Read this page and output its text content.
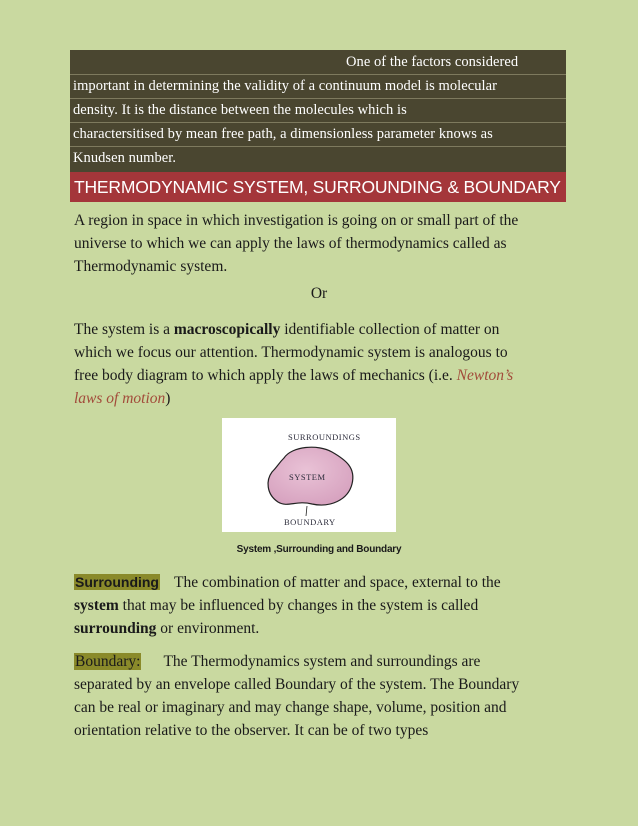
One of the factors considered
important in determining the validity of a continuum model is molecular
density. It is the distance between the molecules which is
charactersitised by mean free path, a dimensionless parameter knows as
Knudsen number.
THERMODYNAMIC SYSTEM, SURROUNDING & BOUNDARY
A region in space in which investigation is going on or small part of the
universe to which we can apply the laws of thermodynamics called as
Thermodynamic system.
Or
The system is a macroscopically identifiable collection of matter on
which we focus our attention. Thermodynamic system is analogous to
free body diagram to which apply the laws of mechanics (i.e. Newton’s
laws of motion)
SURROUNDINGS
SYSTEM
BOUNDARY
System ,Surrounding and Boundary
Surrounding The combination of matter and space, external to the
system that may be influenced by changes in the system is called
surrounding or environment.
Boundary: The Thermodynamics system and surroundings are
separated by an envelope called Boundary of the system. The Boundary
can be real or imaginary and may change shape, volume, position and
orientation relative to the observer. It can be of two types
